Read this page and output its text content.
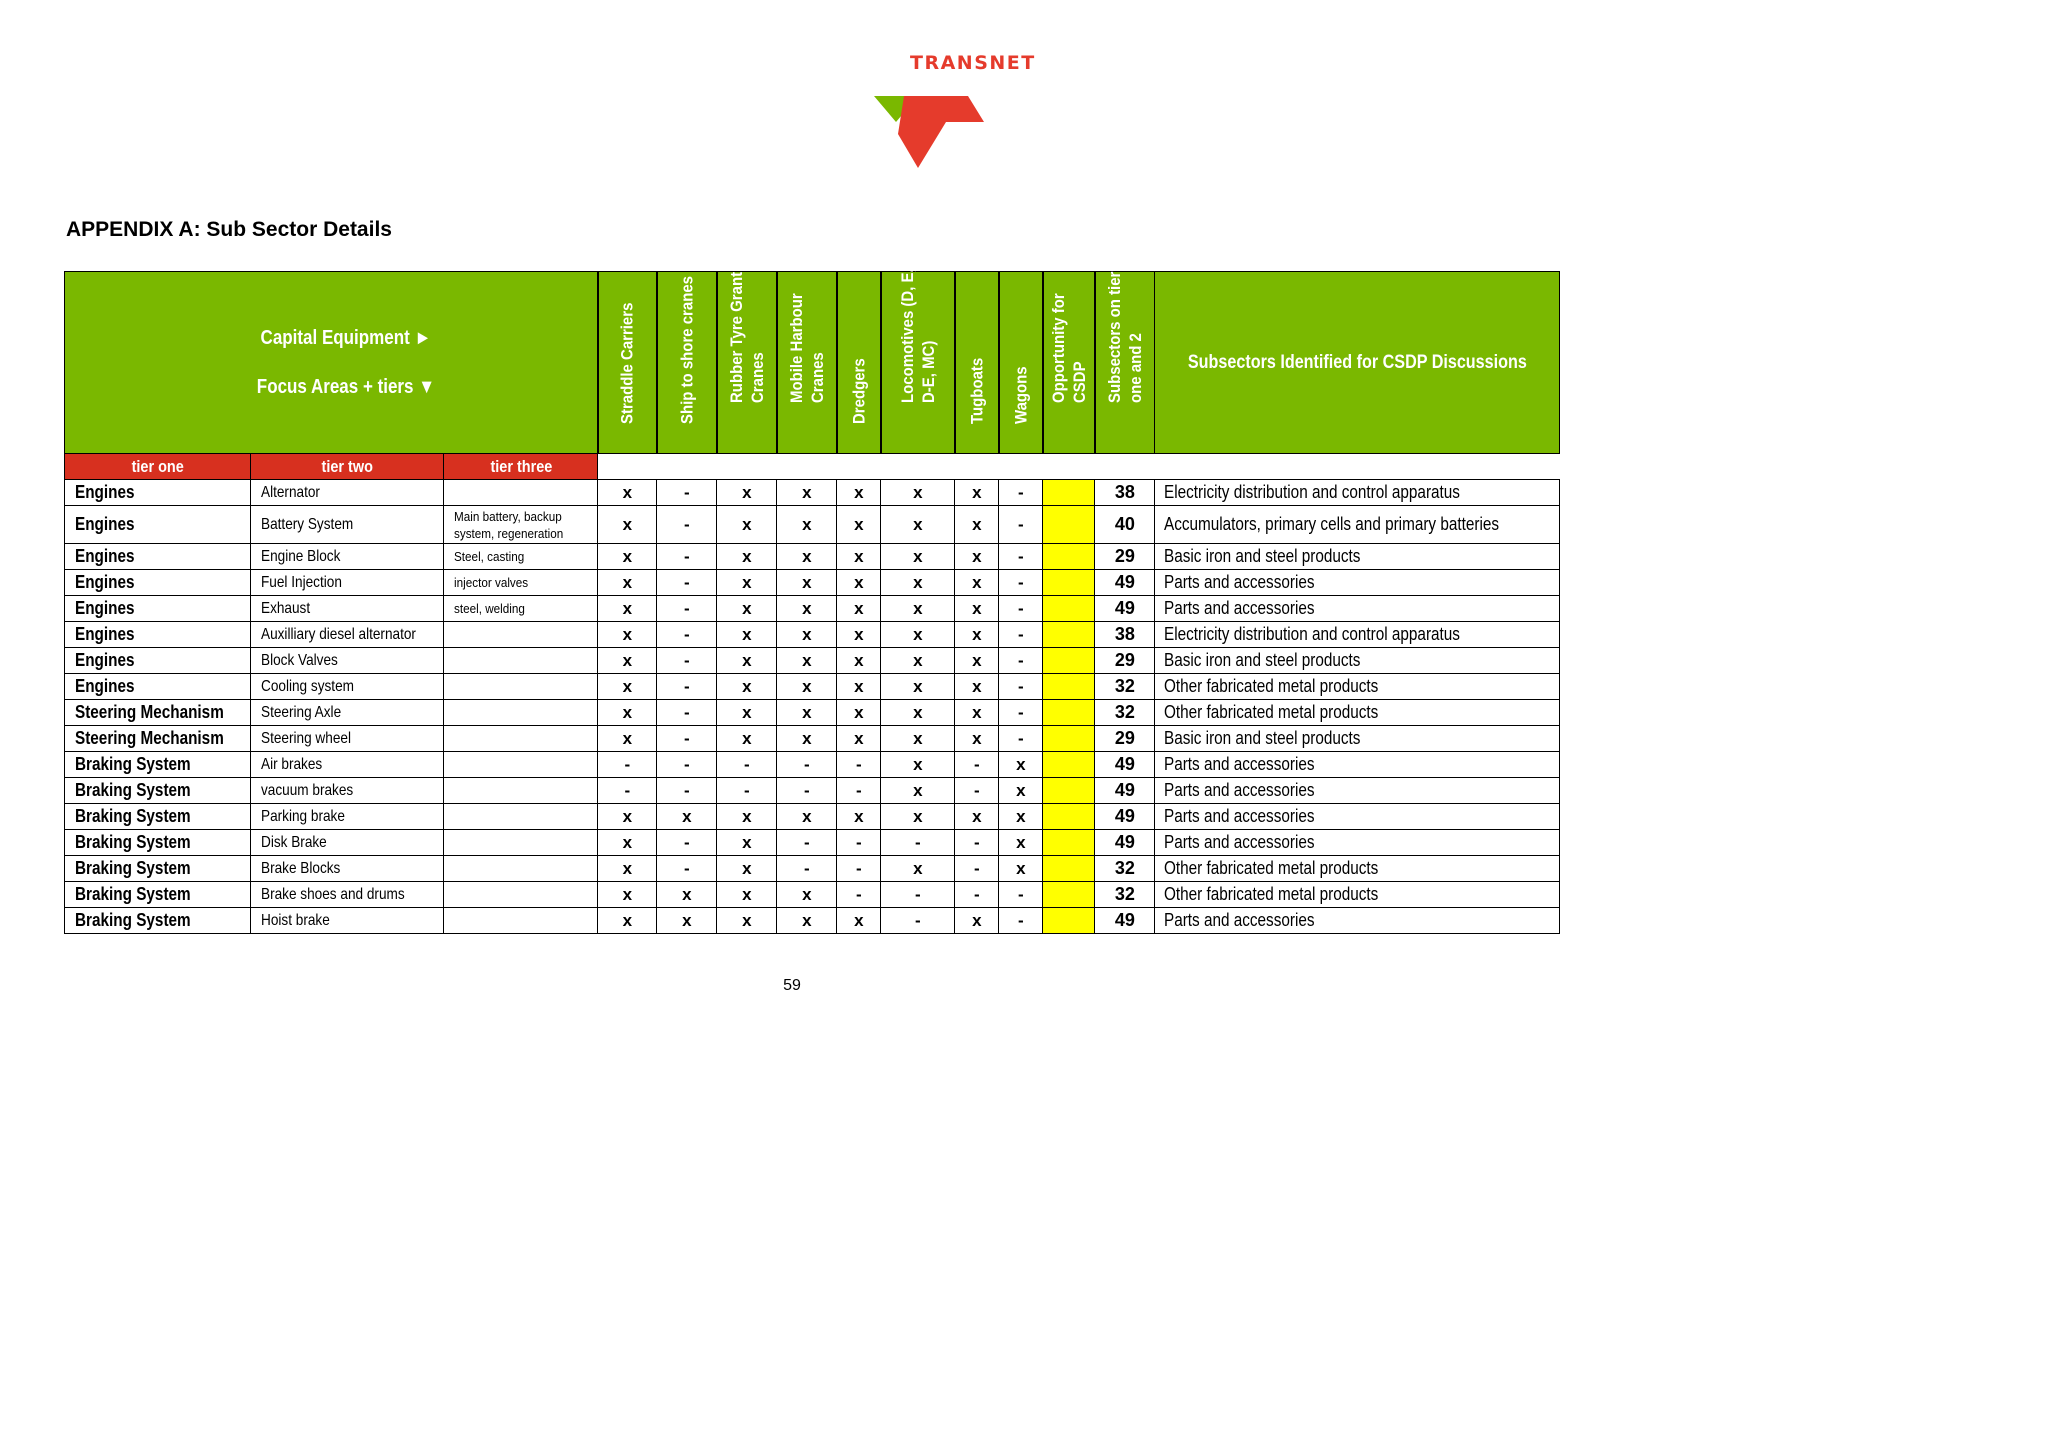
TRANSNET
APPENDIX A: Sub Sector Details
Capital Equipment ►
Focus Areas + tiers ▼			Straddle Carriers	Ship to shore cranes	Rubber Tyre Grantry Cranes	Mobile Harbour Cranes	Dredgers	Locomotives (D, E, D-E, MC)	Tugboats	Wagons	Opportunity for CSDP	Subsectors on tier one and 2	Subsectors Identified for CSDP Discussions
tier one	tier two	tier three											
Engines	Alternator		x	-	x	x	x	x	x	-		38	Electricity distribution and control apparatus
Engines	Battery System	Main battery, backup system, regeneration	x	-	x	x	x	x	x	-		40	Accumulators, primary cells and primary batteries
Engines	Engine Block	Steel, casting	x	-	x	x	x	x	x	-		29	Basic iron and steel products
Engines	Fuel Injection	injector valves	x	-	x	x	x	x	x	-		49	Parts and accessories
Engines	Exhaust	steel, welding	x	-	x	x	x	x	x	-		49	Parts and accessories
Engines	Auxilliary diesel alternator		x	-	x	x	x	x	x	-		38	Electricity distribution and control apparatus
Engines	Block Valves		x	-	x	x	x	x	x	-		29	Basic iron and steel products
Engines	Cooling system		x	-	x	x	x	x	x	-		32	Other fabricated metal products
Steering Mechanism	Steering Axle		x	-	x	x	x	x	x	-		32	Other fabricated metal products
Steering Mechanism	Steering wheel		x	-	x	x	x	x	x	-		29	Basic iron and steel products
Braking System	Air brakes		-	-	-	-	-	x	-	x		49	Parts and accessories
Braking System	vacuum brakes		-	-	-	-	-	x	-	x		49	Parts and accessories
Braking System	Parking brake		x	x	x	x	x	x	x	x		49	Parts and accessories
Braking System	Disk Brake		x	-	x	-	-	-	-	x		49	Parts and accessories
Braking System	Brake Blocks		x	-	x	-	-	x	-	x		32	Other fabricated metal products
Braking System	Brake shoes and drums		x	x	x	x	-	-	-	-		32	Other fabricated metal products
Braking System	Hoist brake		x	x	x	x	x	-	x	-		49	Parts and accessories
59
